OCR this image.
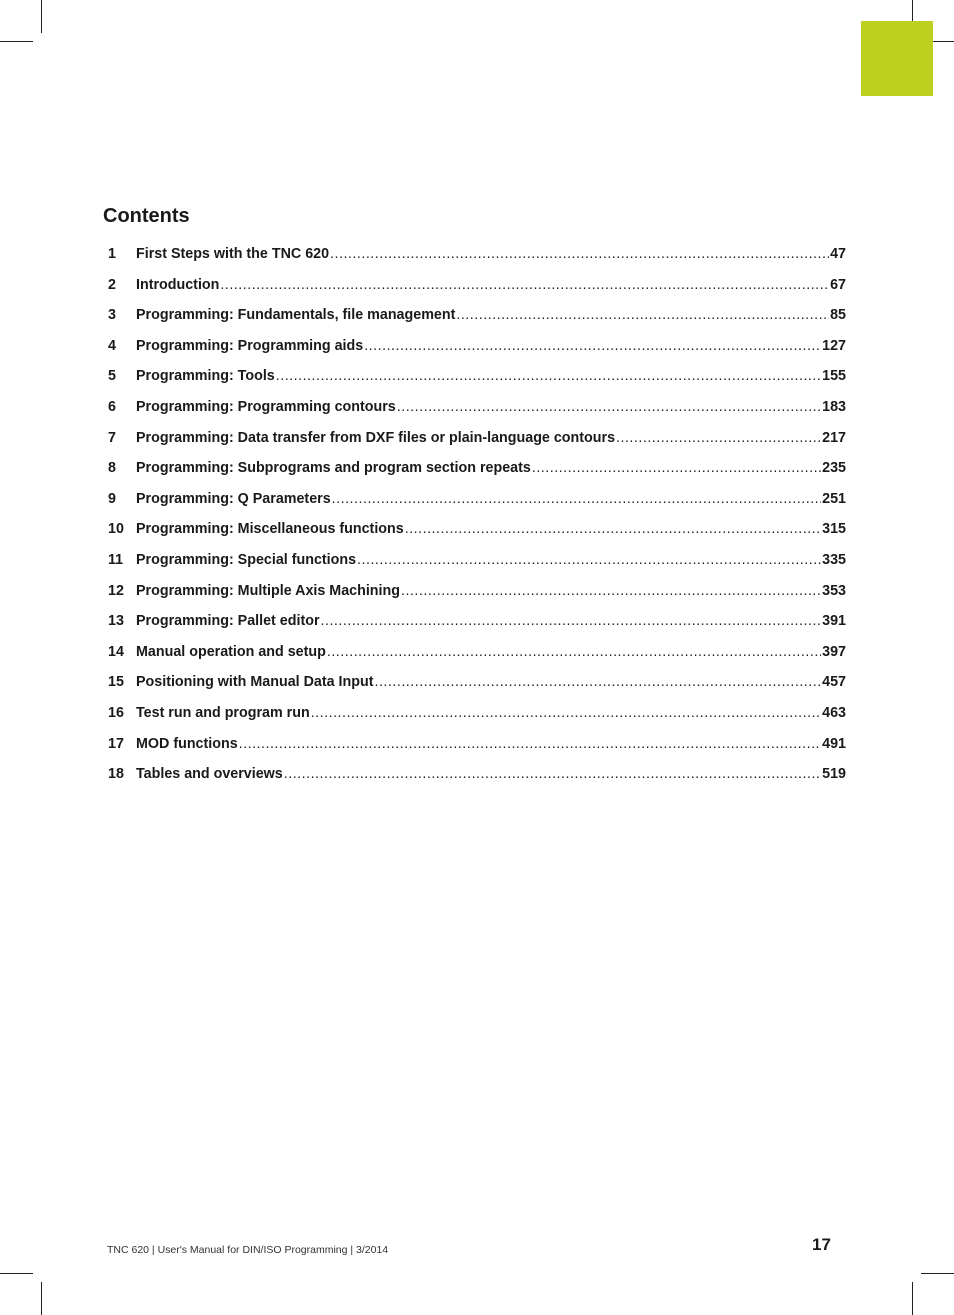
Contents
1	First Steps with the TNC 620 .....	47
2	Introduction .....	67
3	Programming: Fundamentals, file management .....	85
4	Programming: Programming aids .....	127
5	Programming: Tools .....	155
6	Programming: Programming contours .....	183
7	Programming: Data transfer from DXF files or plain-language contours .....	217
8	Programming: Subprograms and program section repeats .....	235
9	Programming: Q Parameters .....	251
10 Programming: Miscellaneous functions .....	315
11 Programming: Special functions .....	335
12 Programming: Multiple Axis Machining .....	353
13 Programming: Pallet editor .....	391
14 Manual operation and setup .....	397
15 Positioning with Manual Data Input .....	457
16 Test run and program run .....	463
17 MOD functions .....	491
18 Tables and overviews .....	519
TNC 620 | User's Manual for DIN/ISO Programming | 3/2014	17
